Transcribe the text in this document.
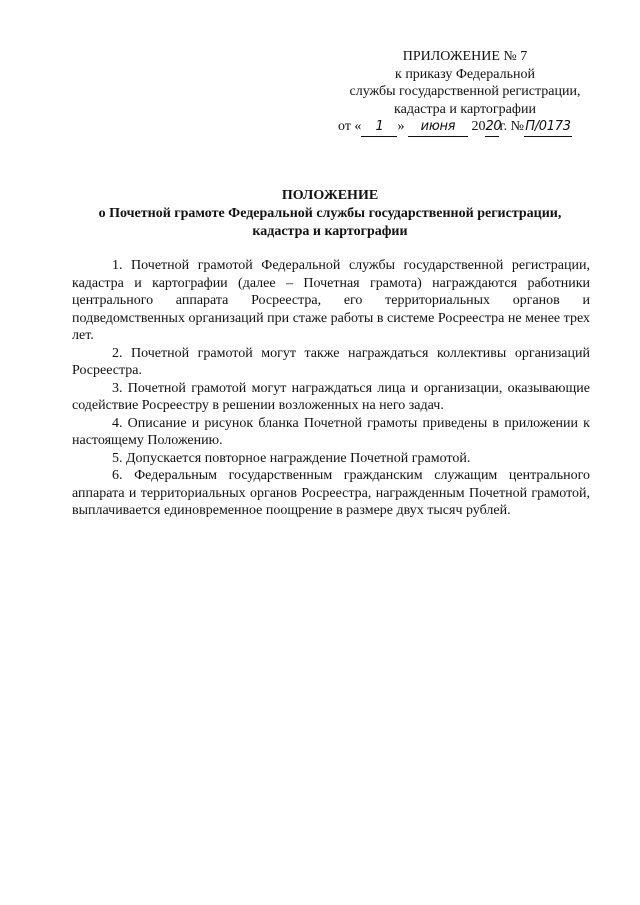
ПРИЛОЖЕНИЕ № 7
к приказу Федеральной
службы государственной регистрации,
кадастра и картографии
от « 1 » июня 2020г. №П/0173
ПОЛОЖЕНИЕ
о Почетной грамоте Федеральной службы государственной регистрации,
кадастра и картографии

1. Почетной грамотой Федеральной службы государственной регистрации, кадастра и картографии (далее – Почетная грамота) награждаются работники центрального аппарата Росреестра, его территориальных органов и подведомственных организаций при стаже работы в системе Росреестра не менее трех лет.

2. Почетной грамотой могут также награждаться коллективы организаций Росреестра.

3. Почетной грамотой могут награждаться лица и организации, оказывающие содействие Росреестру в решении возложенных на него задач.

4. Описание и рисунок бланка Почетной грамоты приведены в приложении к настоящему Положению.

5. Допускается повторное награждение Почетной грамотой.

6. Федеральным государственным гражданским служащим центрального аппарата и территориальных органов Росреестра, награжденным Почетной грамотой, выплачивается единовременное поощрение в размере двух тысяч рублей.
